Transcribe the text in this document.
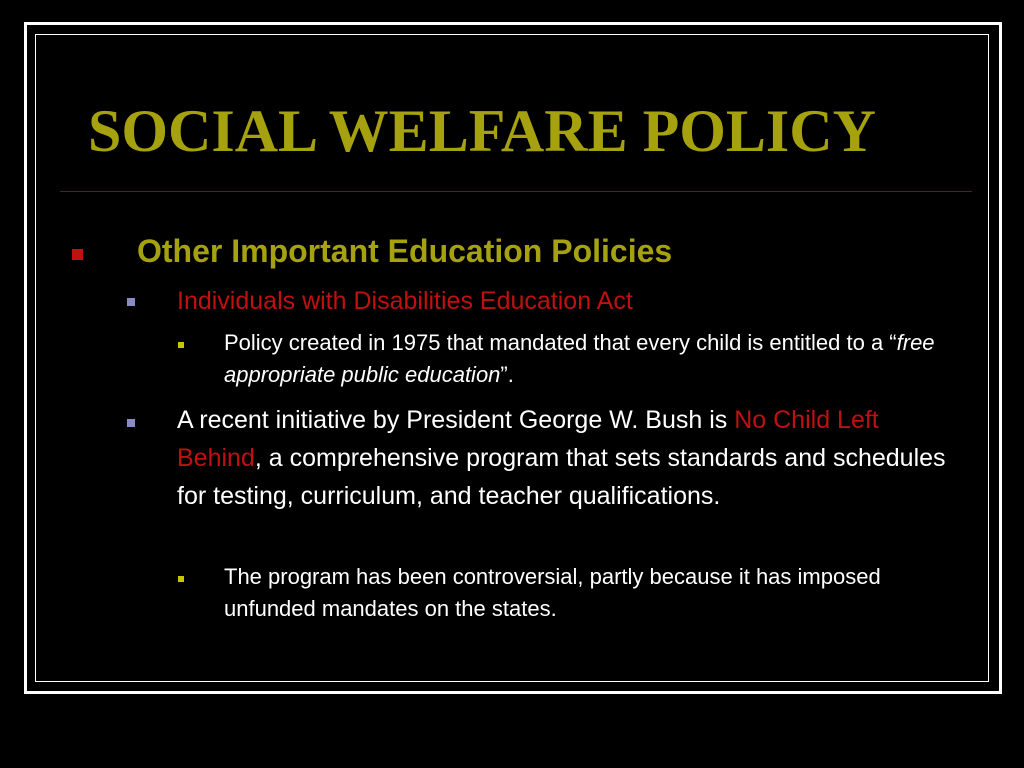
SOCIAL WELFARE POLICY

Other Important Education Policies

Individuals with Disabilities Education Act

Policy created in 1975 that mandated that every child is entitled to a “free appropriate public education”.

A recent initiative by President George W. Bush is No Child Left Behind, a comprehensive program that sets standards and schedules for testing, curriculum, and teacher qualifications.

The program has been controversial, partly because it has imposed unfunded mandates on the states.
